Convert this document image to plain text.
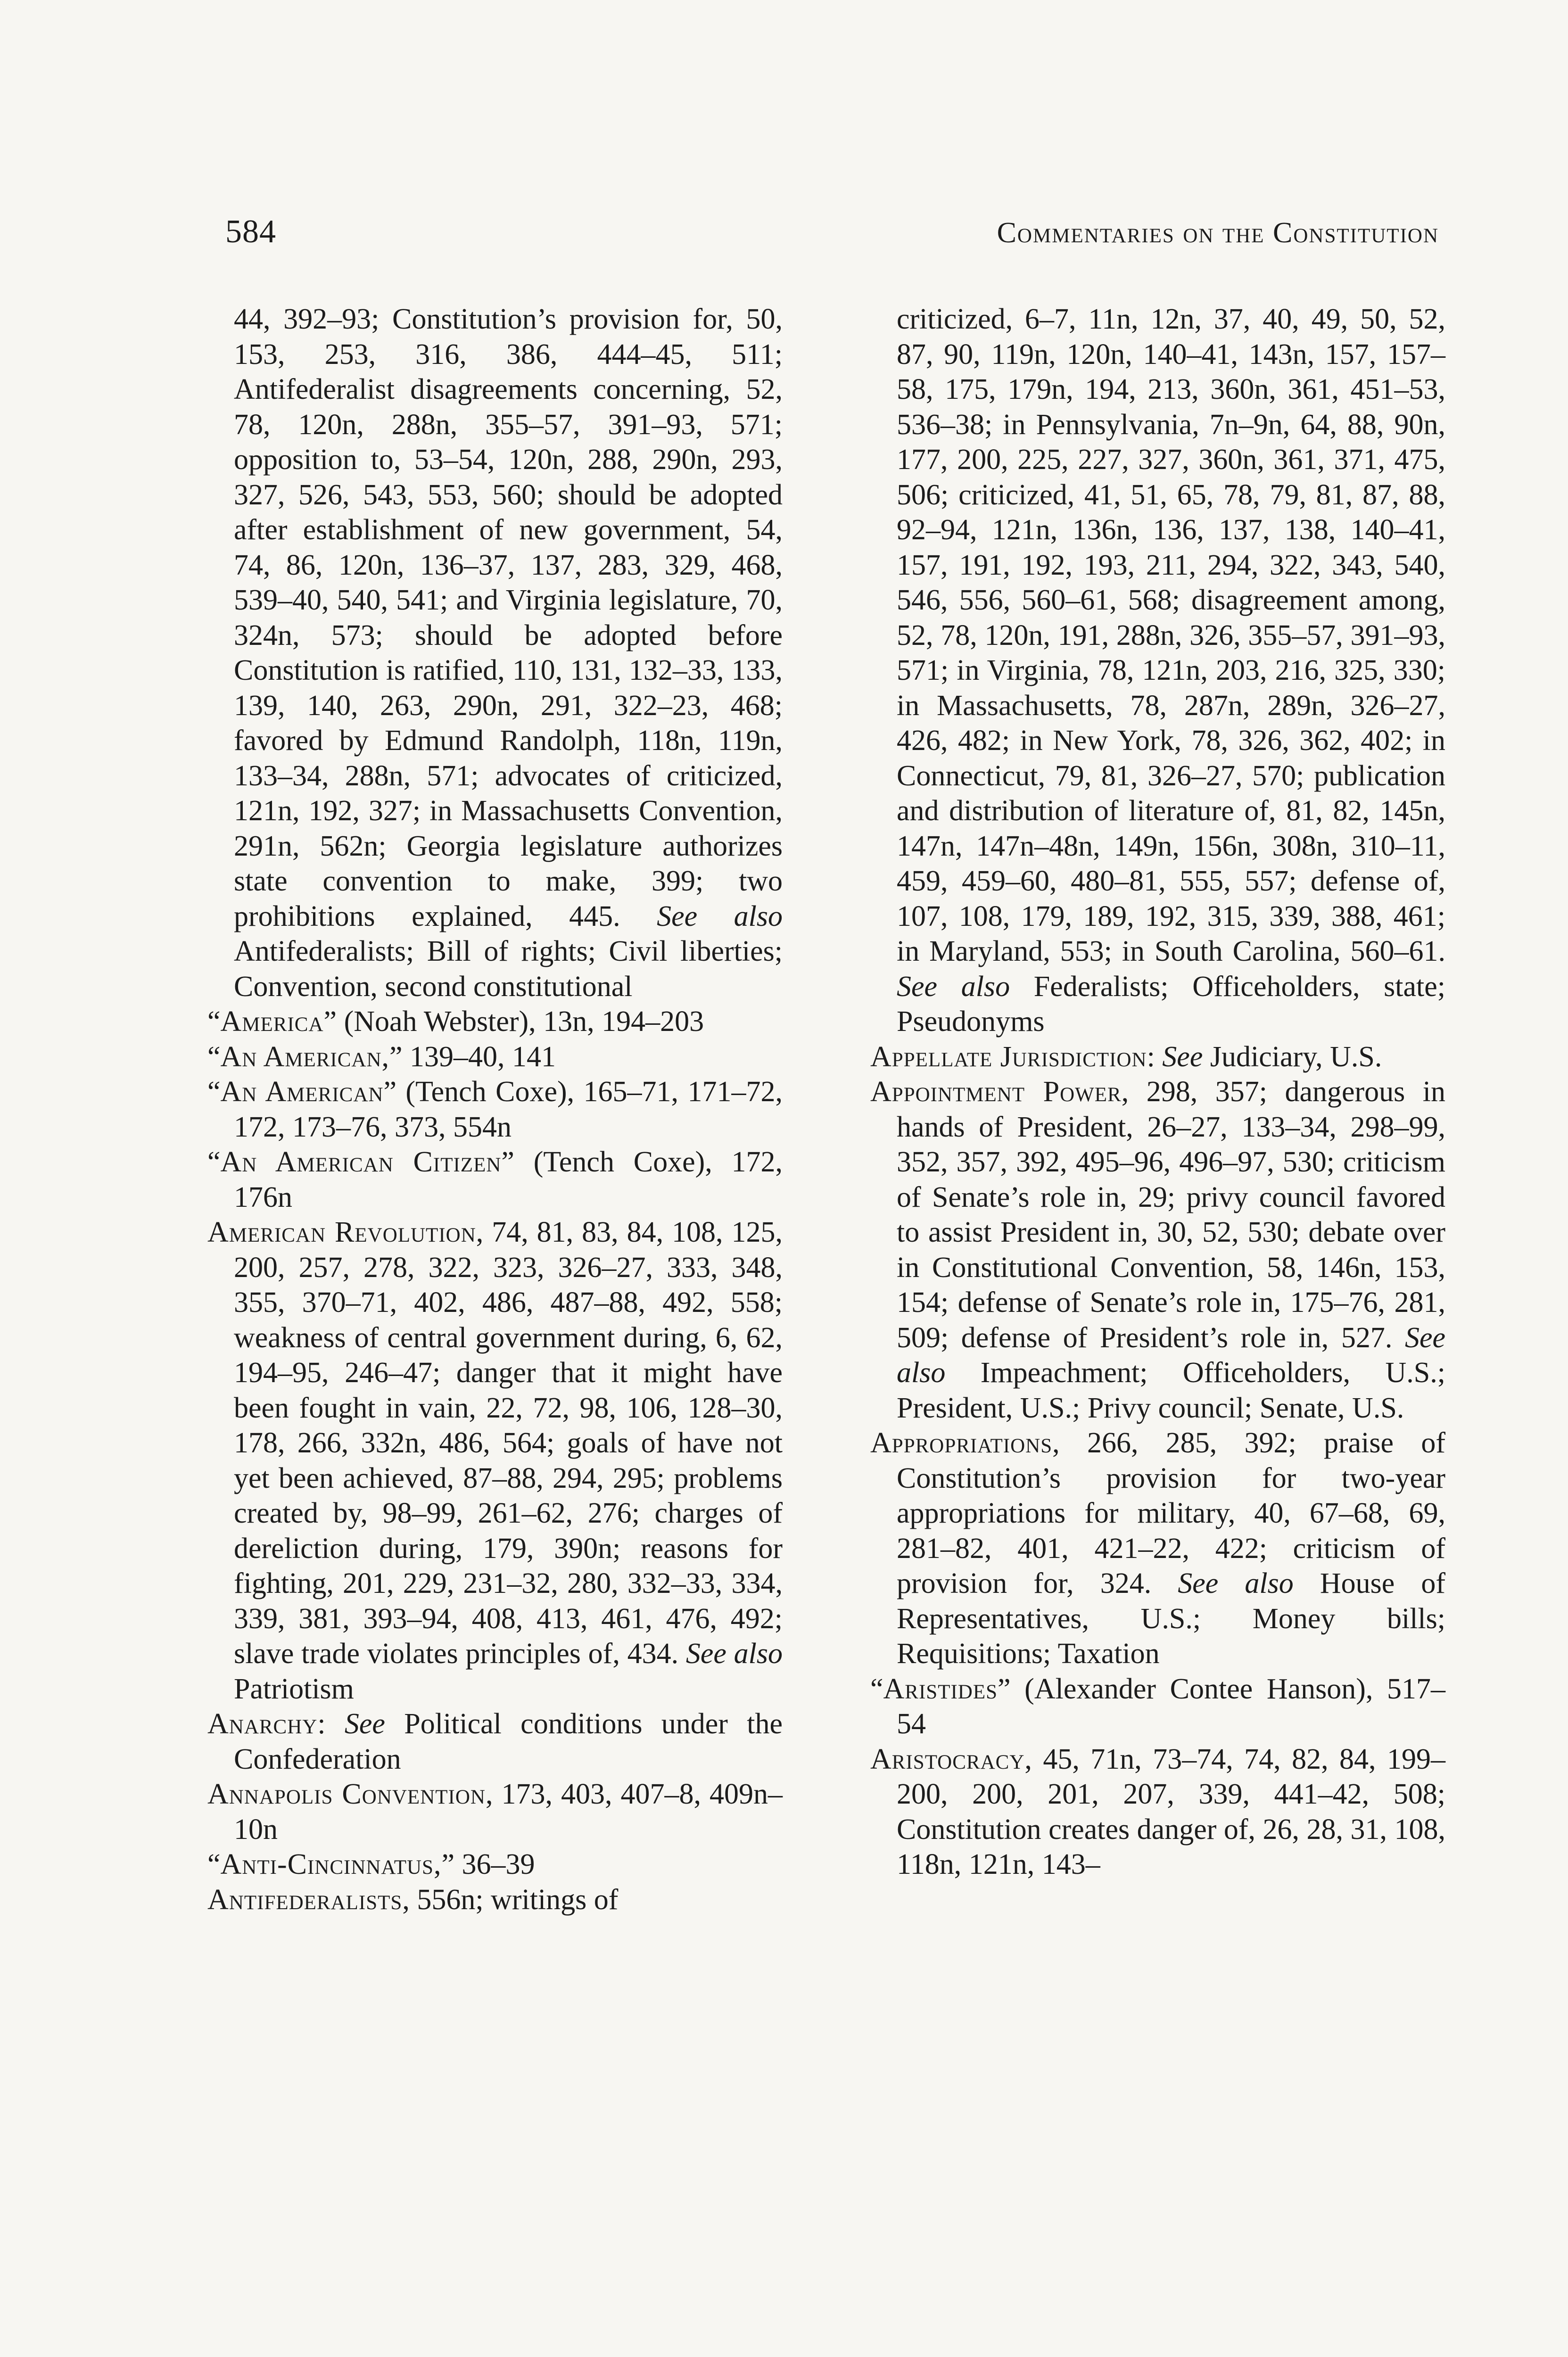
584	Commentaries on the Constitution

44, 392–93; Constitution’s provision for, 50, 153, 253, 316, 386, 444–45, 511; Antifederalist disagreements concerning, 52, 78, 120n, 288n, 355–57, 391–93, 571; opposition to, 53–54, 120n, 288, 290n, 293, 327, 526, 543, 553, 560; should be adopted after establishment of new government, 54, 74, 86, 120n, 136–37, 137, 283, 329, 468, 539–40, 540, 541; and Virginia legislature, 70, 324n, 573; should be adopted before Constitution is ratified, 110, 131, 132–33, 133, 139, 140, 263, 290n, 291, 322–23, 468; favored by Edmund Randolph, 118n, 119n, 133–34, 288n, 571; advocates of criticized, 121n, 192, 327; in Massachusetts Convention, 291n, 562n; Georgia legislature authorizes state convention to make, 399; two prohibitions explained, 445. See also Antifederalists; Bill of rights; Civil liberties; Convention, second constitutional

“America” (Noah Webster), 13n, 194–203

“An American,” 139–40, 141

“An American” (Tench Coxe), 165–71, 171–72, 172, 173–76, 373, 554n

“An American Citizen” (Tench Coxe), 172, 176n

American Revolution, 74, 81, 83, 84, 108, 125, 200, 257, 278, 322, 323, 326–27, 333, 348, 355, 370–71, 402, 486, 487–88, 492, 558; weakness of central government during, 6, 62, 194–95, 246–47; danger that it might have been fought in vain, 22, 72, 98, 106, 128–30, 178, 266, 332n, 486, 564; goals of have not yet been achieved, 87–88, 294, 295; problems created by, 98–99, 261–62, 276; charges of dereliction during, 179, 390n; reasons for fighting, 201, 229, 231–32, 280, 332–33, 334, 339, 381, 393–94, 408, 413, 461, 476, 492; slave trade violates principles of, 434. See also Patriotism

Anarchy: See Political conditions under the Confederation

Annapolis Convention, 173, 403, 407–8, 409n–10n

“Anti-Cincinnatus,” 36–39

Antifederalists, 556n; writings of

criticized, 6–7, 11n, 12n, 37, 40, 49, 50, 52, 87, 90, 119n, 120n, 140–41, 143n, 157, 157–58, 175, 179n, 194, 213, 360n, 361, 451–53, 536–38; in Pennsylvania, 7n–9n, 64, 88, 90n, 177, 200, 225, 227, 327, 360n, 361, 371, 475, 506; criticized, 41, 51, 65, 78, 79, 81, 87, 88, 92–94, 121n, 136n, 136, 137, 138, 140–41, 157, 191, 192, 193, 211, 294, 322, 343, 540, 546, 556, 560–61, 568; disagreement among, 52, 78, 120n, 191, 288n, 326, 355–57, 391–93, 571; in Virginia, 78, 121n, 203, 216, 325, 330; in Massachusetts, 78, 287n, 289n, 326–27, 426, 482; in New York, 78, 326, 362, 402; in Connecticut, 79, 81, 326–27, 570; publication and distribution of literature of, 81, 82, 145n, 147n, 147n–48n, 149n, 156n, 308n, 310–11, 459, 459–60, 480–81, 555, 557; defense of, 107, 108, 179, 189, 192, 315, 339, 388, 461; in Maryland, 553; in South Carolina, 560–61. See also Federalists; Officeholders, state; Pseudonyms

Appellate Jurisdiction: See Judiciary, U.S.

Appointment Power, 298, 357; dangerous in hands of President, 26–27, 133–34, 298–99, 352, 357, 392, 495–96, 496–97, 530; criticism of Senate’s role in, 29; privy council favored to assist President in, 30, 52, 530; debate over in Constitutional Convention, 58, 146n, 153, 154; defense of Senate’s role in, 175–76, 281, 509; defense of President’s role in, 527. See also Impeachment; Officeholders, U.S.; President, U.S.; Privy council; Senate, U.S.

Appropriations, 266, 285, 392; praise of Constitution’s provision for two-year appropriations for military, 40, 67–68, 69, 281–82, 401, 421–22, 422; criticism of provision for, 324. See also House of Representatives, U.S.; Money bills; Requisitions; Taxation

“Aristides” (Alexander Contee Hanson), 517–54

Aristocracy, 45, 71n, 73–74, 74, 82, 84, 199–200, 200, 201, 207, 339, 441–42, 508; Constitution creates danger of, 26, 28, 31, 108, 118n, 121n, 143–
